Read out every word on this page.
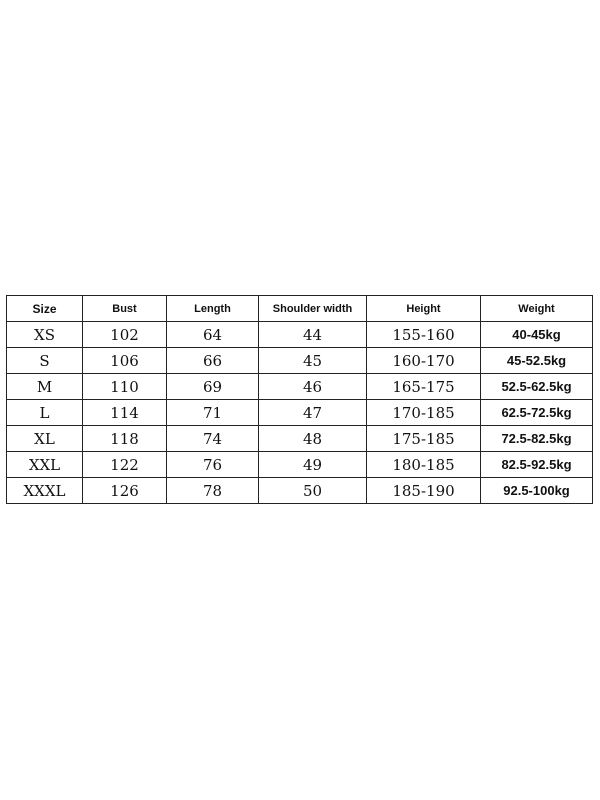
Size	Bust	Length	Shoulder width	Height	Weight
XS	102	64	44	155-160	40-45kg
S	106	66	45	160-170	45-52.5kg
M	110	69	46	165-175	52.5-62.5kg
L	114	71	47	170-185	62.5-72.5kg
XL	118	74	48	175-185	72.5-82.5kg
XXL	122	76	49	180-185	82.5-92.5kg
XXXL	126	78	50	185-190	92.5-100kg
